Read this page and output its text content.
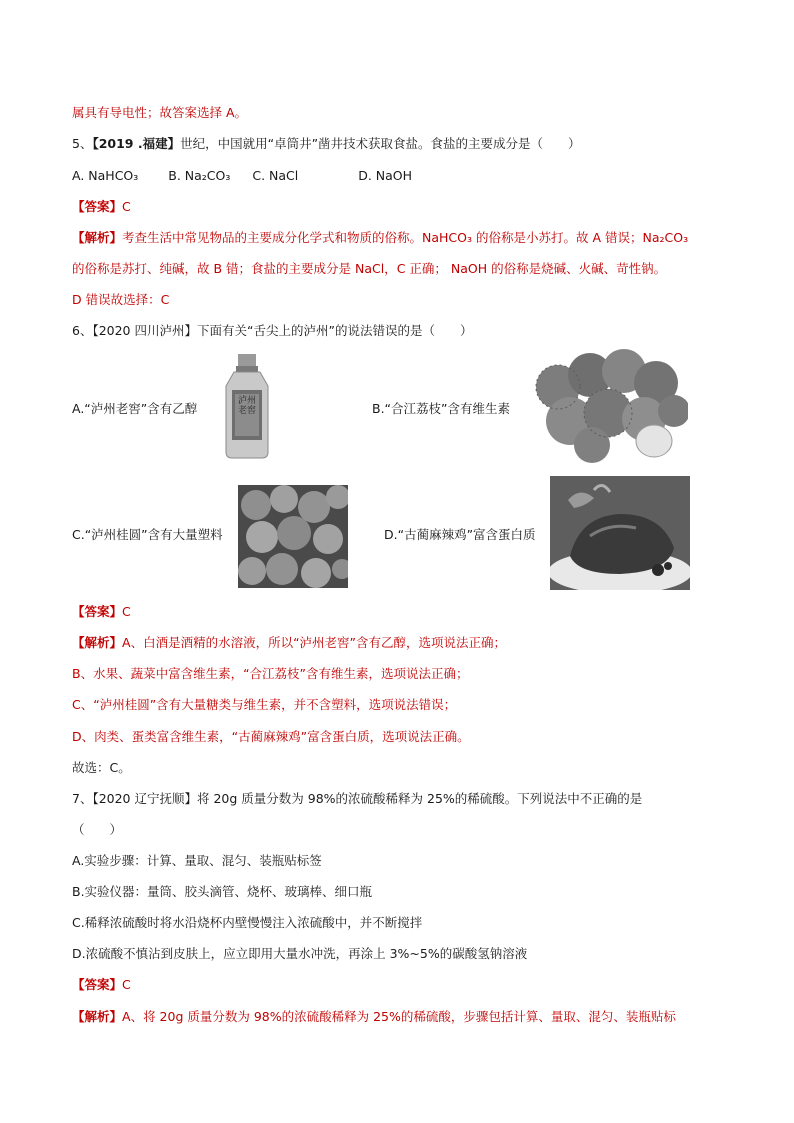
属具有导电性；故答案选择 A。
5、【2019 .福建】世纪，中国就用“卓筒井”凿井技术获取食盐。食盐的主要成分是（　　）
A. NaHCO₃ B. Na₂CO₃ C. NaCl	D. NaOH
【答案】C
【解析】考查生活中常见物品的主要成分化学式和物质的俗称。NaHCO₃ 的俗称是小苏打。故 A 错误；Na₂CO₃
的俗称是苏打、纯碱，故 B 错；食盐的主要成分是 NaCl，C 正确； NaOH 的俗称是烧碱、火碱、苛性钠。
D 错误故选择：C
6、【2020 四川泸州】下面有关“舌尖上的泸州”的说法错误的是（　　）
A.“泸州老窖”含有乙醇	泸州老窖	B.“合江荔枝”含有维生素
C.“泸州桂圆”含有大量塑料	D.“古蔺麻辣鸡”富含蛋白质
【答案】C
【解析】A、白酒是酒精的水溶液，所以“泸州老窖”含有乙醇，选项说法正确；
B、水果、蔬菜中富含维生素，“合江荔枝”含有维生素，选项说法正确；
C、“泸州桂圆”含有大量糖类与维生素，并不含塑料，选项说法错误；
D、肉类、蛋类富含维生素，“古蔺麻辣鸡”富含蛋白质，选项说法正确。
故选：C。
7、【2020 辽宁抚顺】将 20g 质量分数为 98%的浓硫酸稀释为 25%的稀硫酸。下列说法中不正确的是
（　　）
A.实验步骤：计算、量取、混匀、装瓶贴标签
B.实验仪器：量筒、胶头滴管、烧杯、玻璃棒、细口瓶
C.稀释浓硫酸时将水沿烧杯内壁慢慢注入浓硫酸中，并不断搅拌
D.浓硫酸不慎沾到皮肤上，应立即用大量水冲洗，再涂上 3%~5%的碳酸氢钠溶液
【答案】C
【解析】A、将 20g 质量分数为 98%的浓硫酸稀释为 25%的稀硫酸，步骤包括计算、量取、混匀、装瓶贴标
